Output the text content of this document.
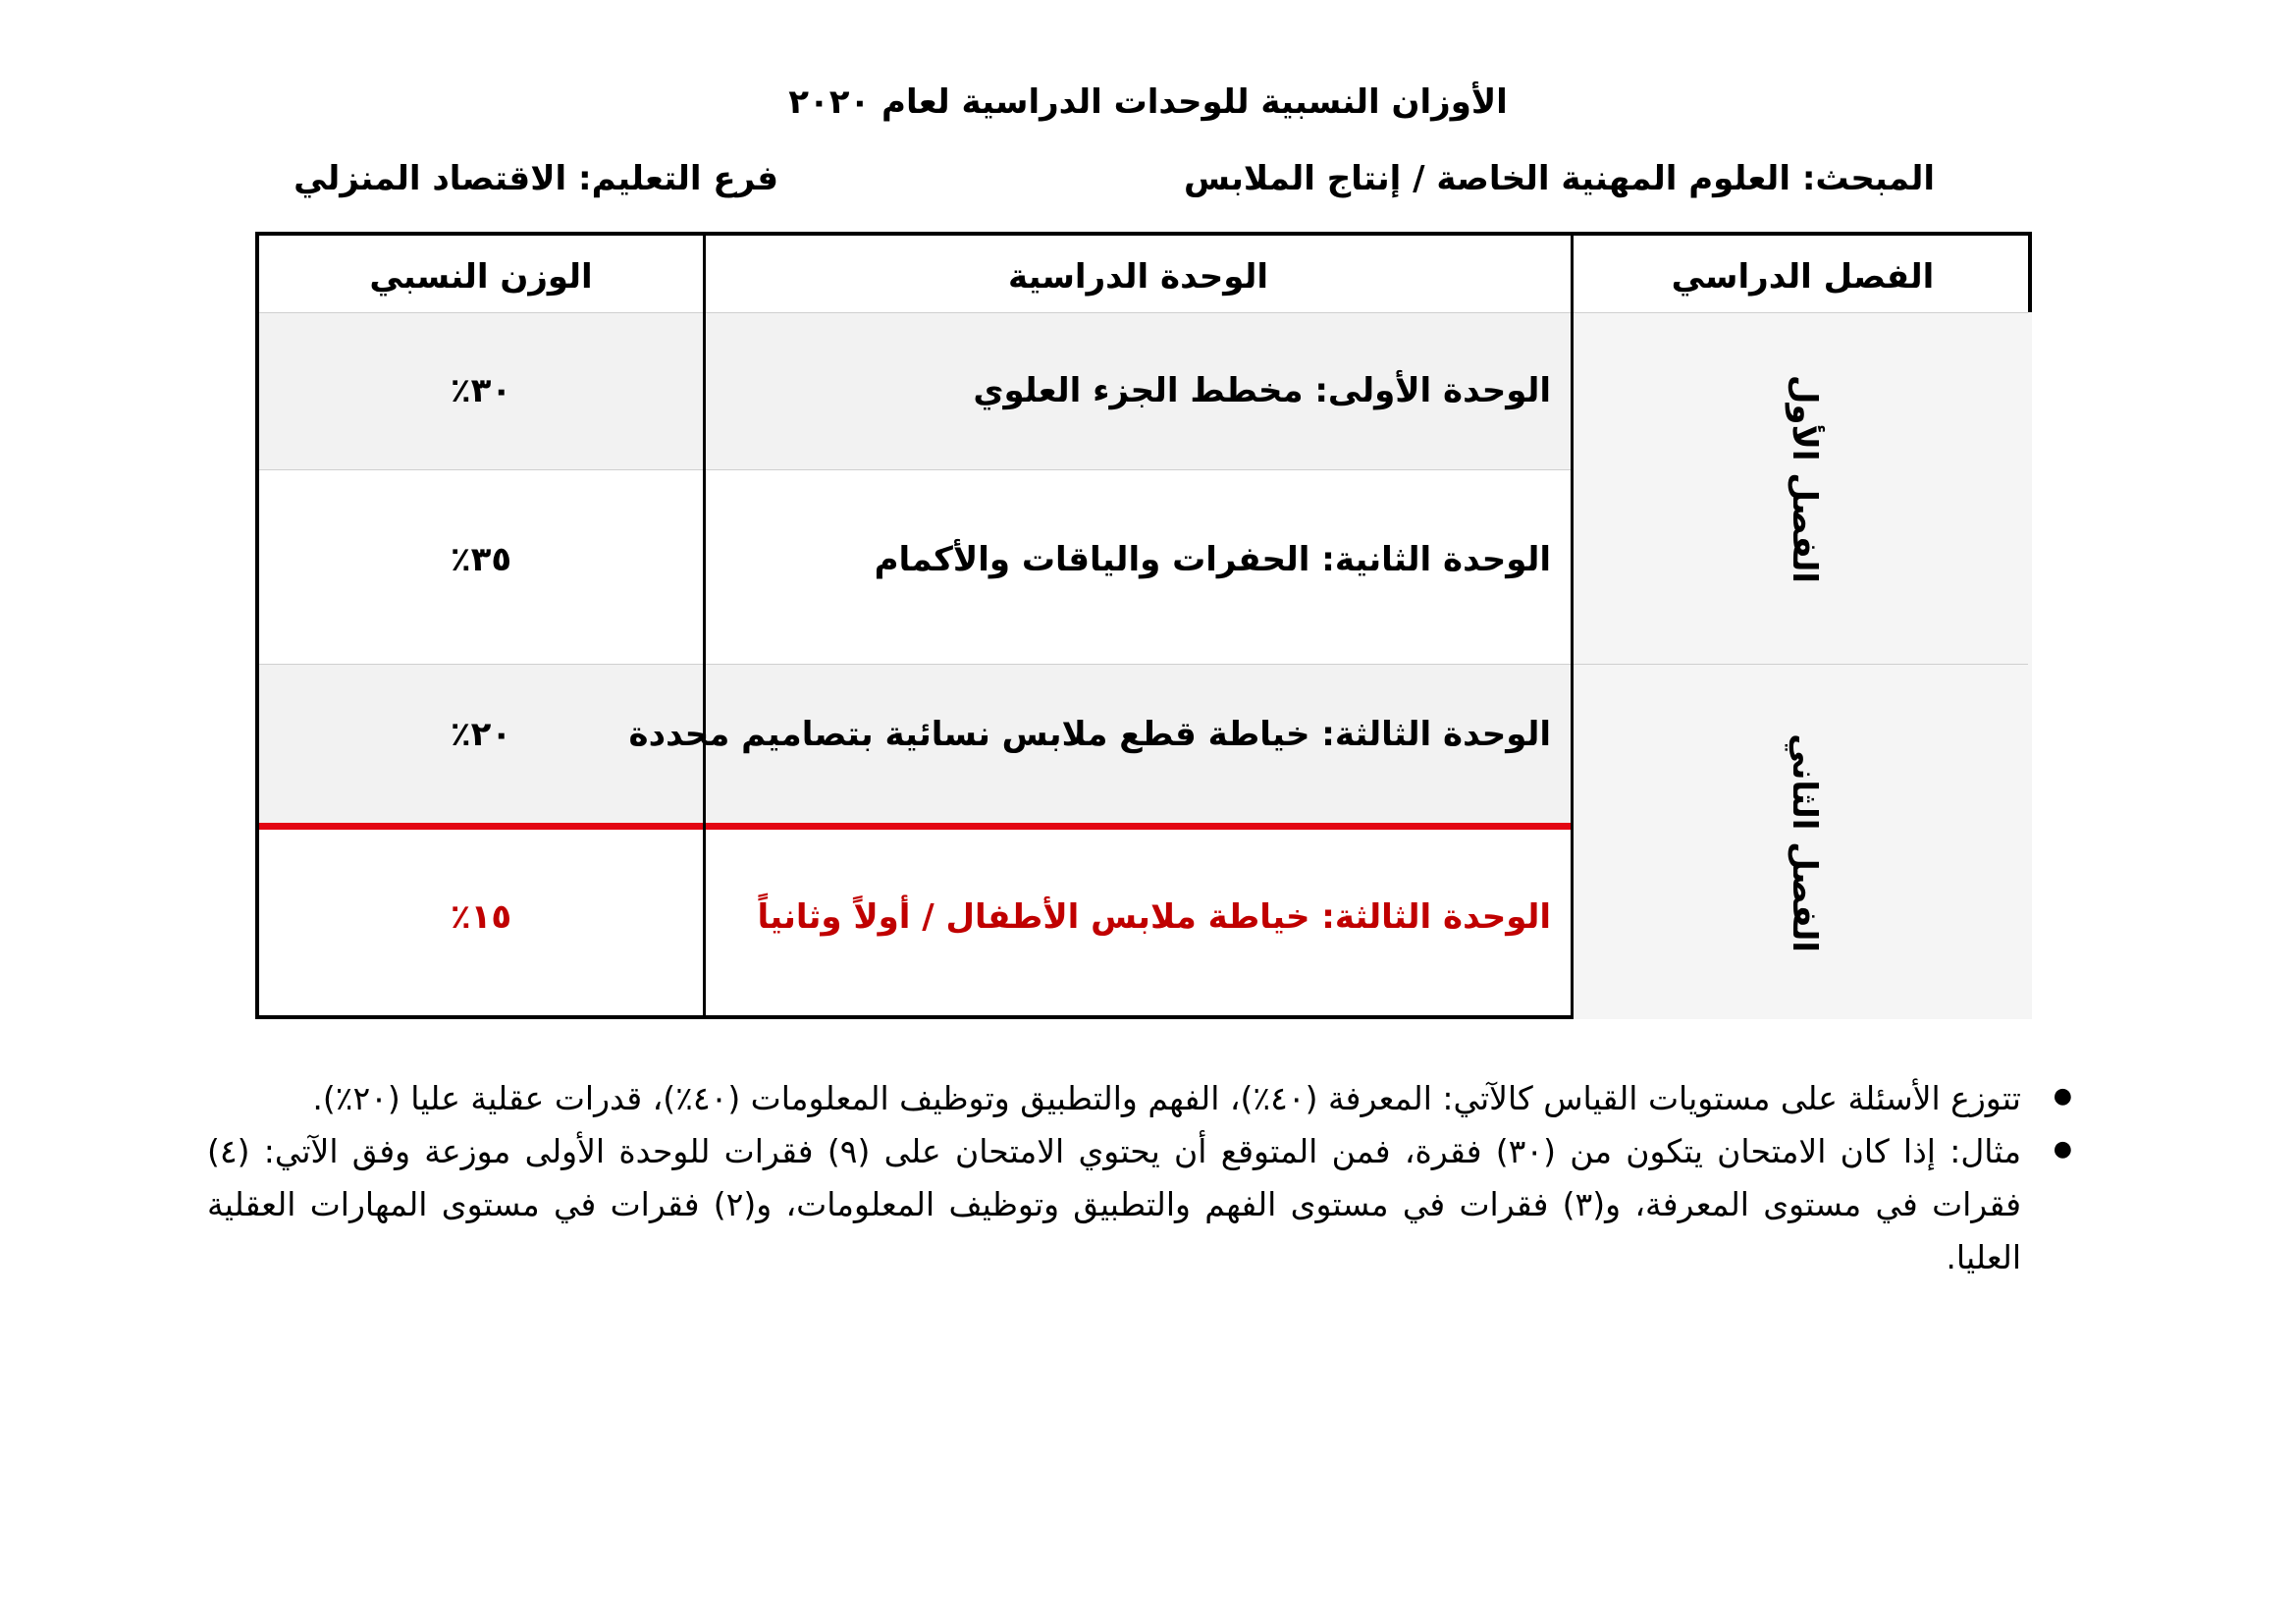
الأوزان النسبية للوحدات الدراسية لعام ٢٠٢٠
المبحث: العلوم المهنية الخاصة / إنتاج الملابس
فرع التعليم: الاقتصاد المنزلي
الوزن النسبي	الوحدة الدراسية	الفصل الدراسي
الفصل الأول
الفصل الثاني
الوحدة الأولى: مخطط الجزء العلوي
٣٠٪
الوحدة الثانية: الحفرات والياقات والأكمام
٣٥٪
الوحدة الثالثة: خياطة قطع ملابس نسائية بتصاميم محددة
٢٠٪
الوحدة الثالثة: خياطة ملابس الأطفال / أولاً وثانياً
١٥٪
●
تتوزع الأسئلة على مستويات القياس كالآتي: المعرفة (٤٠٪)، الفهم والتطبيق وتوظيف المعلومات (٤٠٪)، قدرات عقلية عليا (٢٠٪).
●
مثال: إذا كان الامتحان يتكون من (٣٠) فقرة، فمن المتوقع أن يحتوي الامتحان على (٩) فقرات للوحدة الأولى موزعة وفق الآتي: (٤) فقرات في مستوى المعرفة، و(٣) فقرات في مستوى الفهم والتطبيق وتوظيف المعلومات، و(٢) فقرات في مستوى المهارات العقلية العليا.
